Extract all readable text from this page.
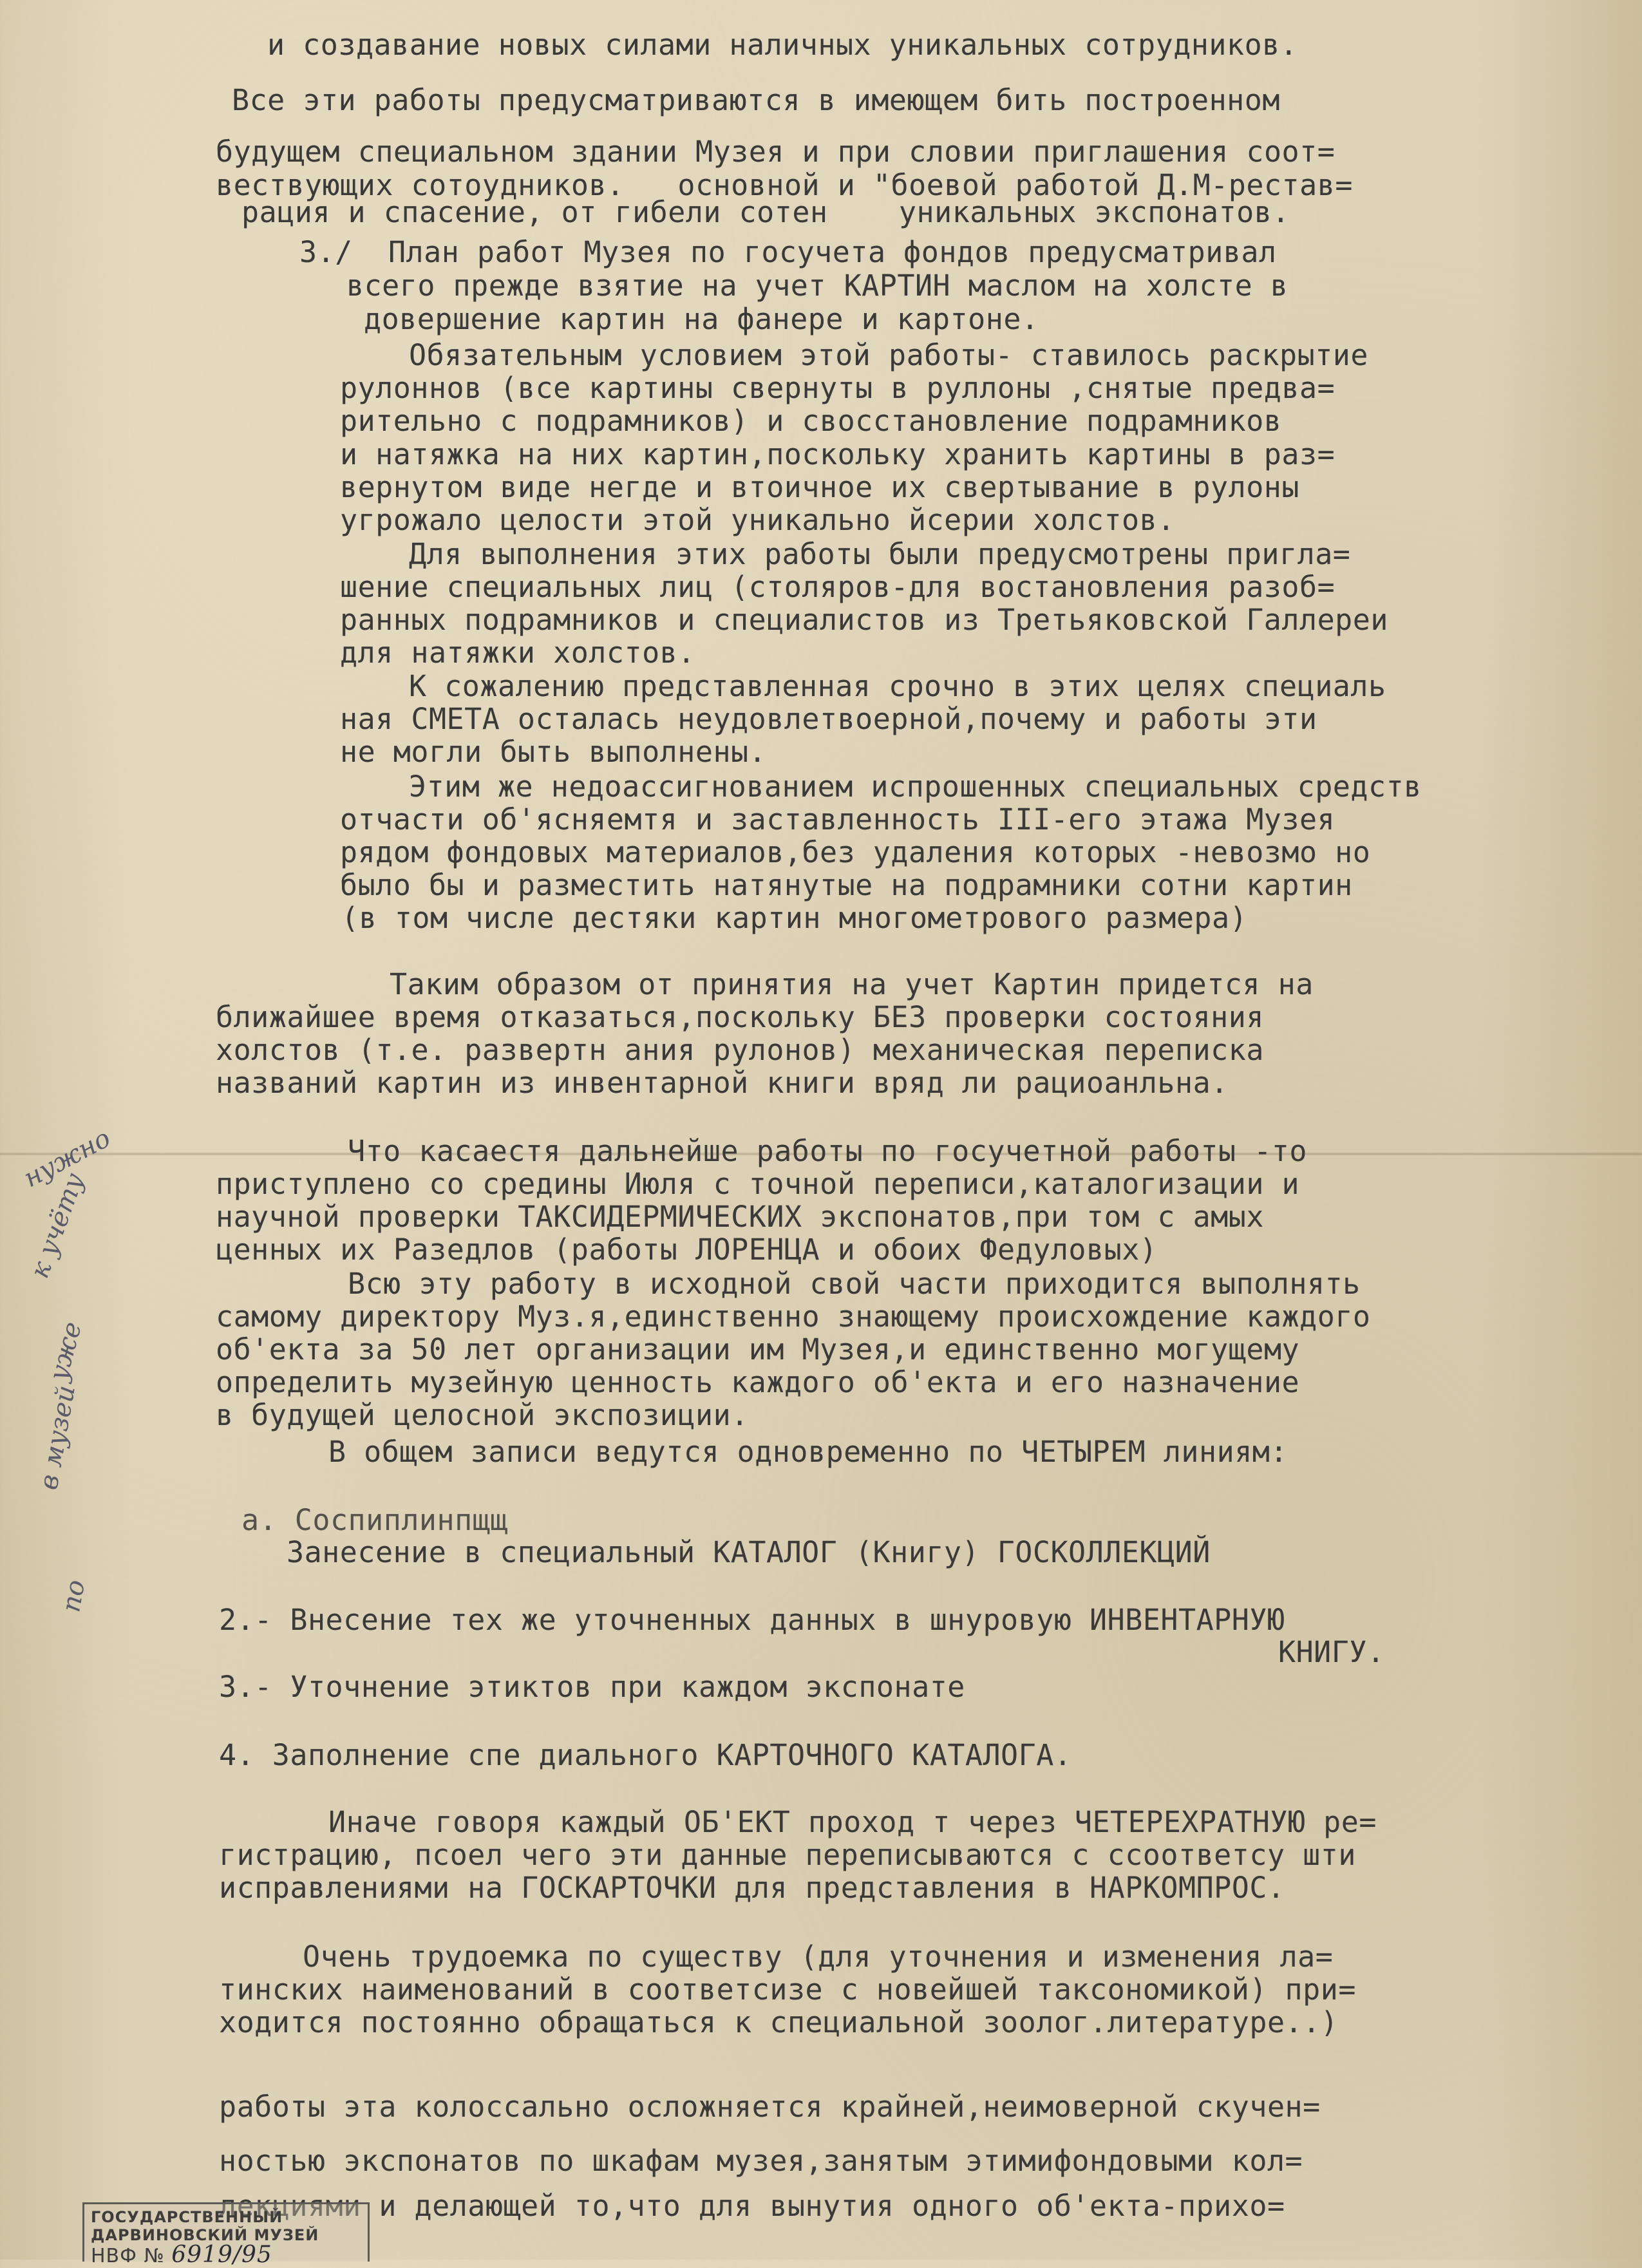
и создавание новых силами наличных уникальных сотрудников.
Все эти работы предусматриваются в имеющем бить построенном
будущем специальном здании Музея и при словии приглашения соот=
вествующих сотоудников.   основной и "боевой работой Д.М-рестав=
рация и спасение, от гибели сотен    уникальных экспонатов.
3./  План работ Музея по госучета фондов предусматривал
всего прежде взятие на учет КАРТИН маслом на холсте в
довершение картин на фанере и картоне.
Обязательным условием этой работы- ставилось раскрытие
рулоннов (все картины свернуты в руллоны ,снятые предва=
рительно с подрамников) и свосстановление подрамников
и натяжка на них картин,поскольку хранить картины в раз=
вернутом виде негде и втоичное их свертывание в рулоны
угрожало целости этой уникально йсерии холстов.
Для выполнения этих работы были предусмотрены пригла=
шение специальных лиц (столяров-для востановления разоб=
ранных подрамников и специалистов из Третьяковской Галлереи
для натяжки холстов.
К сожалению представленная срочно в этих целях специаль
ная СМЕТА осталась неудовлетвоерной,почему и работы эти
не могли быть выполнены.
Этим же недоассигнованием испрошенных специальных средств
отчасти об'ясняемтя и заставленность III-его этажа Музея
рядом фондовых материалов,без удаления которых -невозмо но
было бы и разместить натянутые на подрамники сотни картин
(в том числе дестяки картин многометрового размера)
Таким образом от принятия на учет Картин придется на
ближайшее время отказаться,поскольку БЕЗ проверки состояния
холстов (т.е. развертн ания рулонов) механическая переписка
названий картин из инвентарной книги вряд ли рациоанльна.
Что касаестя дальнейше работы по госучетной работы -то
приступлено со средины Июля с точной переписи,каталогизации и
научной проверки ТАКСИДЕРМИЧЕСКИХ экспонатов,при том с амых
ценных их Разедлов (работы ЛОРЕНЦА и обоих Федуловых)
Всю эту работу в исходной свой части приходится выполнять
самому директору Муз.я,единственно знающему происхождение каждого
об'екта за 50 лет организации им Музея,и единственно могущему
определить музейную ценность каждого об'екта и его назначение
в будущей целосной экспозиции.
В общем записи ведутся одновременно по ЧЕТЫРЕМ линиям:
а. Соспиплинпщщ
Занесение в специальный КАТАЛОГ (Книгу) ГОСКОЛЛЕКЦИЙ
2.- Внесение тех же уточненных данных в шнуровую ИНВЕНТАРНУЮ
КНИГУ.
3.- Уточнение этиктов при каждом экспонате
4. Заполнение спе диального КАРТОЧНОГО КАТАЛОГА.
Иначе говоря каждый ОБ'ЕКТ проход т через ЧЕТЕРЕХРАТНУЮ ре=
гистрацию, псоел чего эти данные переписываются с ссоответсу шти
исправлениями на ГОСКАРТОЧКИ для представления в НАРКОМПРОС.
Очень трудоемка по существу (для уточнения и изменения ла=
тинских наименований в соответсизе с новейшей таксономикой) при=
ходится постоянно обращаться к специальной зоолог.литературе..)
работы эта колоссально осложняется крайней,неимоверной скучен=
ностью экспонатов по шкафам музея,занятым этимифондовыми кол=
лекциями и делающей то,что для вынутия одного об'екта-прихо=
нужно
к учёту
уже
в музей
по
ГОСУДАРСТВЕННЫЙ
ДАРВИНОВСКИЙ МУЗЕЙ
НВФ № 6919/95
